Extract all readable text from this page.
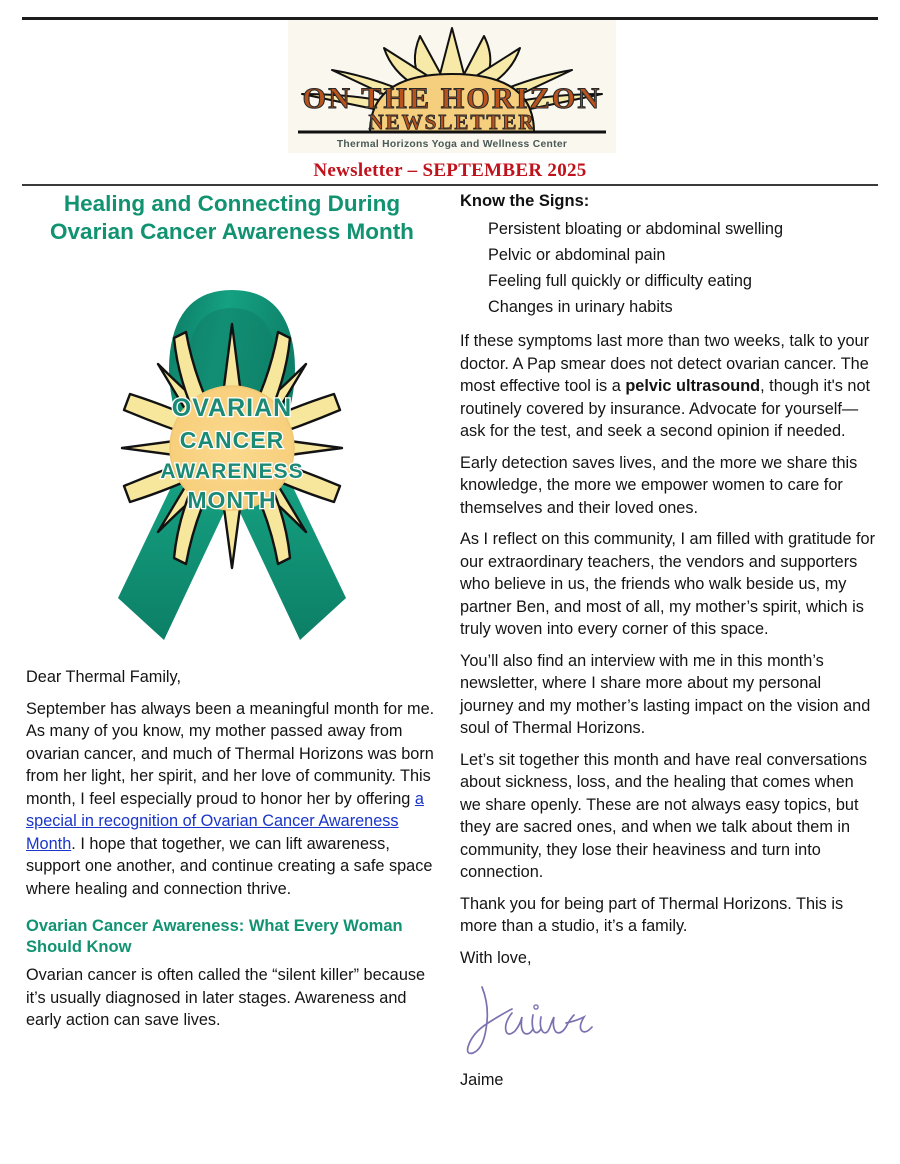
ON THE HORIZON
NEWSLETTER
Thermal Horizons Yoga and Wellness Center
Newsletter – SEPTEMBER 2025
Healing and Connecting During Ovarian Cancer Awareness Month
OVARIAN
CANCER
AWARENESS
MONTH

Dear Thermal Family,

September has always been a meaningful month for me. As many of you know, my mother passed away from ovarian cancer, and much of Thermal Horizons was born from her light, her spirit, and her love of community. This month, I feel especially proud to honor her by offering a special in recognition of Ovarian Cancer Awareness Month. I hope that together, we can lift awareness, support one another, and continue creating a safe space where healing and connection thrive.

Ovarian Cancer Awareness: What Every Woman Should Know

Ovarian cancer is often called the “silent killer” because it’s usually diagnosed in later stages. Awareness and early action can save lives.

Know the Signs:

Persistent bloating or abdominal swelling
Pelvic or abdominal pain
Feeling full quickly or difficulty eating
Changes in urinary habits

If these symptoms last more than two weeks, talk to your doctor. A Pap smear does not detect ovarian cancer. The most effective tool is a pelvic ultrasound, though it's not routinely covered by insurance. Advocate for yourself—ask for the test, and seek a second opinion if needed.

Early detection saves lives, and the more we share this knowledge, the more we empower women to care for themselves and their loved ones.

As I reflect on this community, I am filled with gratitude for our extraordinary teachers, the vendors and supporters who believe in us, the friends who walk beside us, my partner Ben, and most of all, my mother’s spirit, which is truly woven into every corner of this space.

You’ll also find an interview with me in this month’s newsletter, where I share more about my personal journey and my mother’s lasting impact on the vision and soul of Thermal Horizons.

Let’s sit together this month and have real conversations about sickness, loss, and the healing that comes when we share openly. These are not always easy topics, but they are sacred ones, and when we talk about them in community, they lose their heaviness and turn into connection.

Thank you for being part of Thermal Horizons. This is more than a studio, it’s a family.

With love,

Jaime
